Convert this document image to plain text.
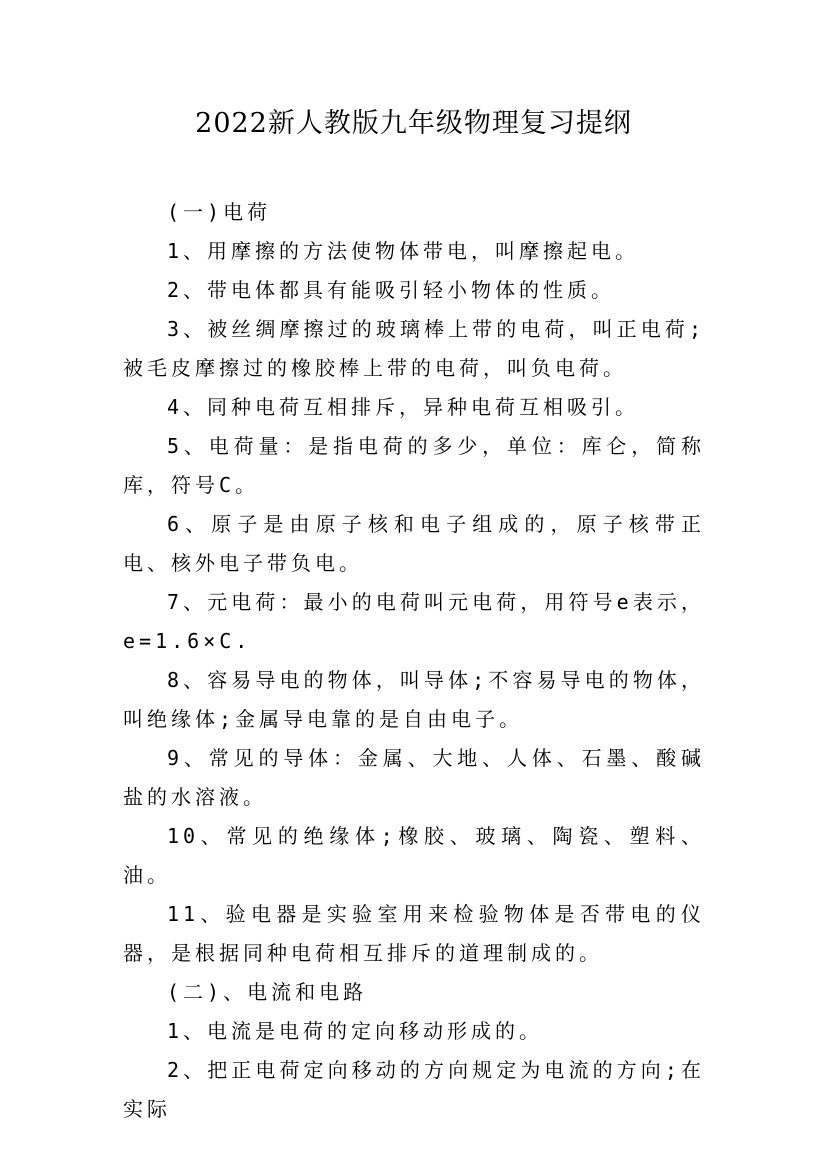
2022新人教版九年级物理复习提纲

(一)电荷

1、用摩擦的方法使物体带电，叫摩擦起电。

2、带电体都具有能吸引轻小物体的性质。

3、被丝绸摩擦过的玻璃棒上带的电荷，叫正电荷;被毛皮摩擦过的橡胶棒上带的电荷，叫负电荷。

4、同种电荷互相排斥，异种电荷互相吸引。

5、电荷量：是指电荷的多少，单位：库仑，简称库，符号C。

6、原子是由原子核和电子组成的，原子核带正电、核外电子带负电。

7、元电荷：最小的电荷叫元电荷，用符号e表示，e=1.6×C.

8、容易导电的物体，叫导体;不容易导电的物体，叫绝缘体;金属导电靠的是自由电子。

9、常见的导体：金属、大地、人体、石墨、酸碱盐的水溶液。

10、常见的绝缘体;橡胶、玻璃、陶瓷、塑料、油。

11、验电器是实验室用来检验物体是否带电的仪器，是根据同种电荷相互排斥的道理制成的。

(二)、电流和电路

1、电流是电荷的定向移动形成的。

2、把正电荷定向移动的方向规定为电流的方向;在实际
